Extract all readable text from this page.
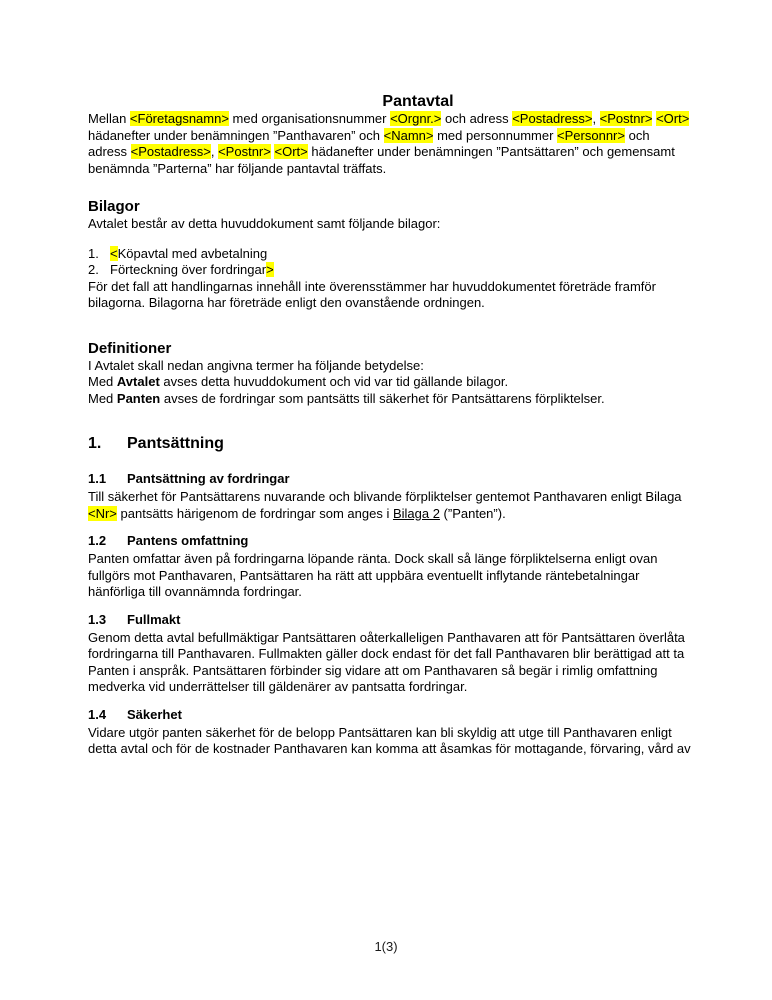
Pantavtal

Mellan <Företagsnamn> med organisationsnummer <Orgnr.> och adress <Postadress>, <Postnr> <Ort> hädanefter under benämningen ”Panthavaren” och <Namn> med personnummer <Personnr> och adress <Postadress>, <Postnr> <Ort> hädanefter under benämningen ”Pantsättaren” och gemensamt benämnda ”Parterna” har följande pantavtal träffats.

Bilagor

Avtalet består av detta huvuddokument samt följande bilagor:

1. <Köpavtal med avbetalning
2. Förteckning över fordringar>

För det fall att handlingarnas innehåll inte överensstämmer har huvuddokumentet företräde framför bilagorna. Bilagorna har företräde enligt den ovanstående ordningen.

Definitioner

I Avtalet skall nedan angivna termer ha följande betydelse:

Med Avtalet avses detta huvuddokument och vid var tid gällande bilagor.

Med Panten avses de fordringar som pantsätts till säkerhet för Pantsättarens förpliktelser.

1.	Pantsättning
1.1	Pantsättning av fordringar

Till säkerhet för Pantsättarens nuvarande och blivande förpliktelser gentemot Panthavaren enligt Bilaga <Nr> pantsätts härigenom de fordringar som anges i Bilaga 2 (”Panten”).

1.2	Pantens omfattning

Panten omfattar även på fordringarna löpande ränta. Dock skall så länge förpliktelserna enligt ovan fullgörs mot Panthavaren, Pantsättaren ha rätt att uppbära eventuellt inflytande räntebetalningar hänförliga till ovannämnda fordringar.

1.3	Fullmakt

Genom detta avtal befullmäktigar Pantsättaren oåterkalleligen Panthavaren att för Pantsättaren överlåta fordringarna till Panthavaren. Fullmakten gäller dock endast för det fall Panthavaren blir berättigad att ta Panten i anspråk. Pantsättaren förbinder sig vidare att om Panthavaren så begär i rimlig omfattning medverka vid underrättelser till gäldenärer av pantsatta fordringar.

1.4	Säkerhet

Vidare utgör panten säkerhet för de belopp Pantsättaren kan bli skyldig att utge till Panthavaren enligt detta avtal och för de kostnader Panthavaren kan komma att åsamkas för mottagande, förvaring, vård av

1(3)
